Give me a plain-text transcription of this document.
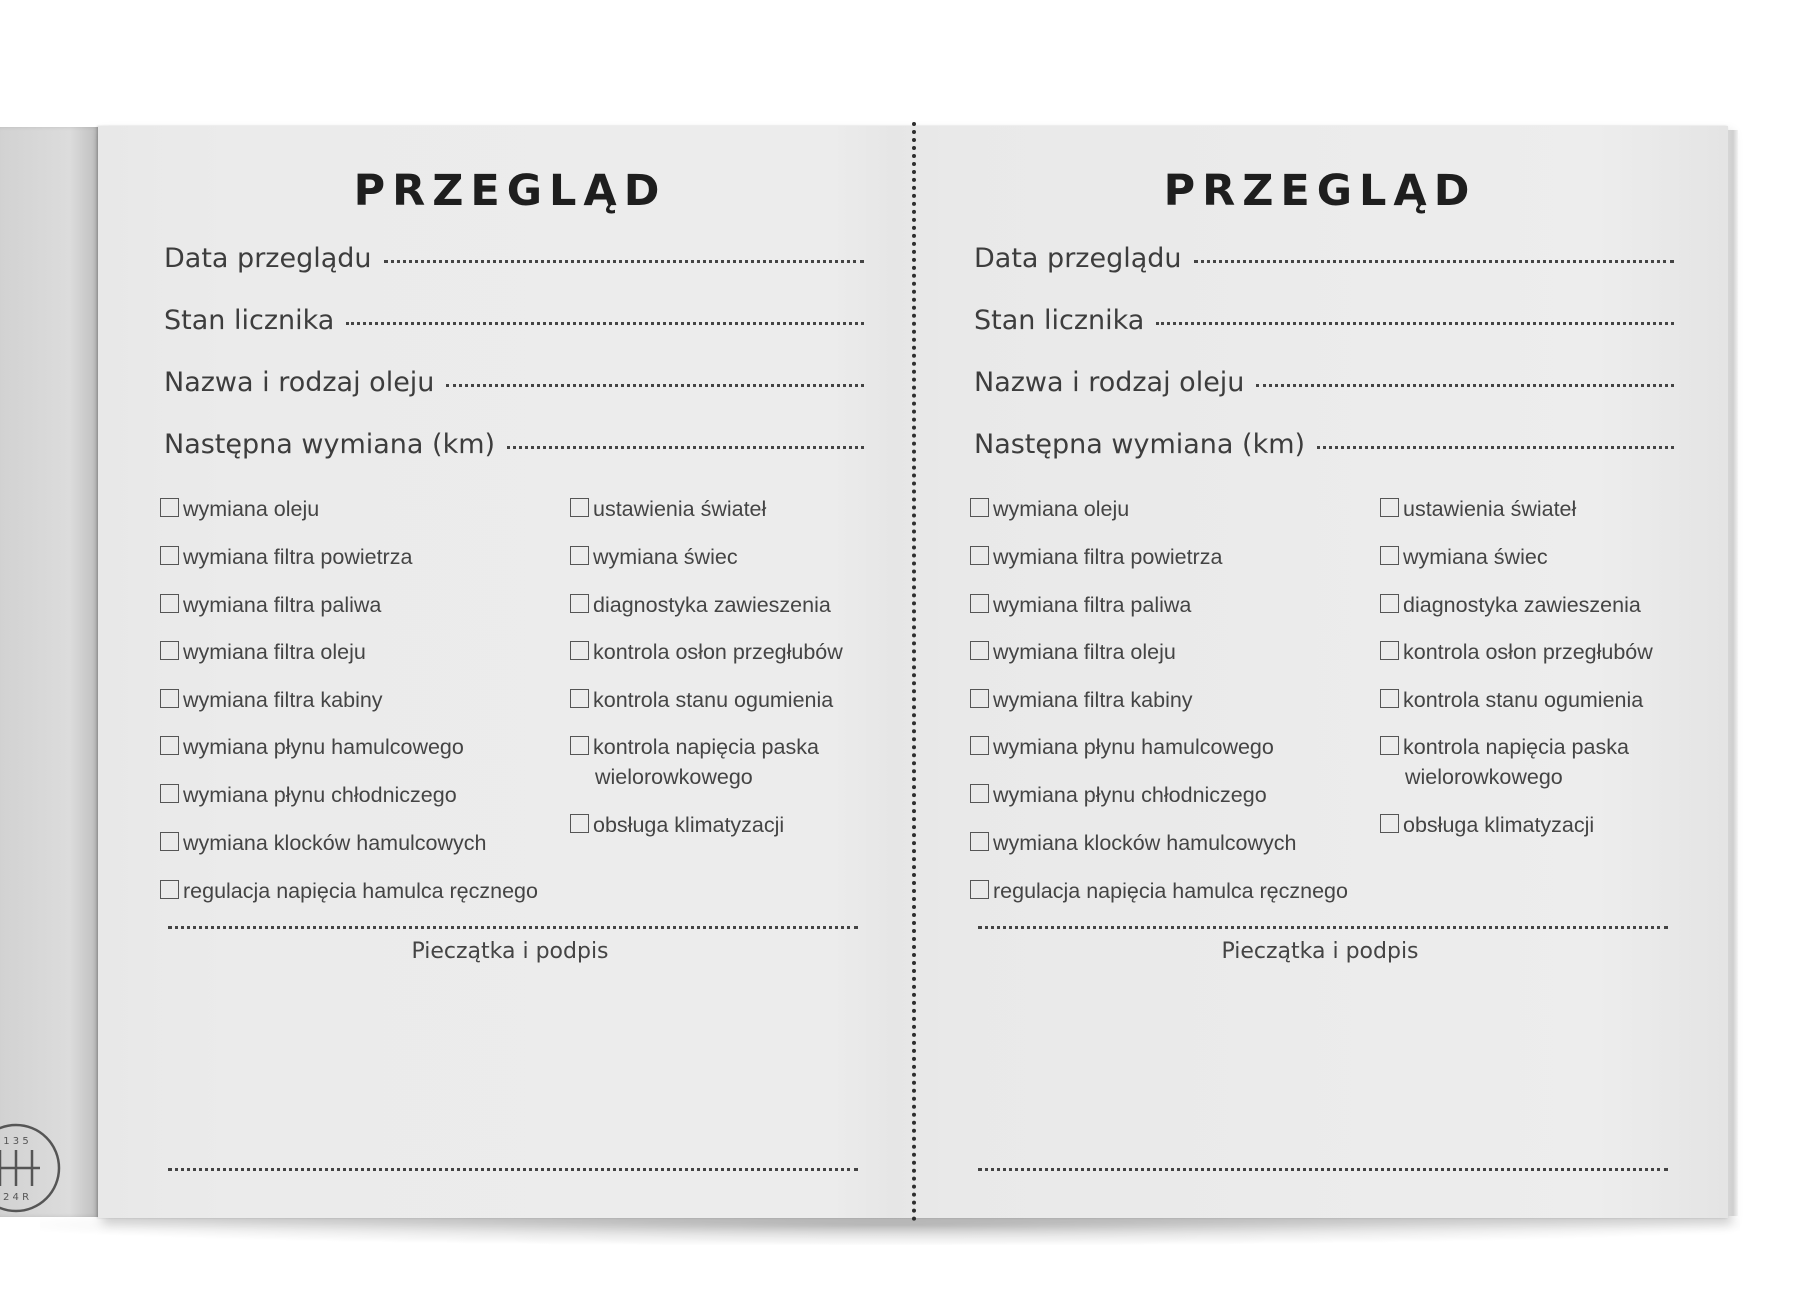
1 3 5
2 4 R
PRZEGLĄD
Data przeglądu
Stan licznika
Nazwa i rodzaj oleju
Następna wymiana (km)
wymiana oleju
wymiana filtra powietrza
wymiana filtra paliwa
wymiana filtra oleju
wymiana filtra kabiny
wymiana płynu hamulcowego
wymiana płynu chłodniczego
wymiana klocków hamulcowych
regulacja napięcia hamulca ręcznego
ustawienia świateł
wymiana świec
diagnostyka zawieszenia
kontrola osłon przegłubów
kontrola stanu ogumienia
kontrola napięcia paska
wielorowkowego
obsługa klimatyzacji
Pieczątka i podpis
PRZEGLĄD
Data przeglądu
Stan licznika
Nazwa i rodzaj oleju
Następna wymiana (km)
wymiana oleju
wymiana filtra powietrza
wymiana filtra paliwa
wymiana filtra oleju
wymiana filtra kabiny
wymiana płynu hamulcowego
wymiana płynu chłodniczego
wymiana klocków hamulcowych
regulacja napięcia hamulca ręcznego
ustawienia świateł
wymiana świec
diagnostyka zawieszenia
kontrola osłon przegłubów
kontrola stanu ogumienia
kontrola napięcia paska
wielorowkowego
obsługa klimatyzacji
Pieczątka i podpis
